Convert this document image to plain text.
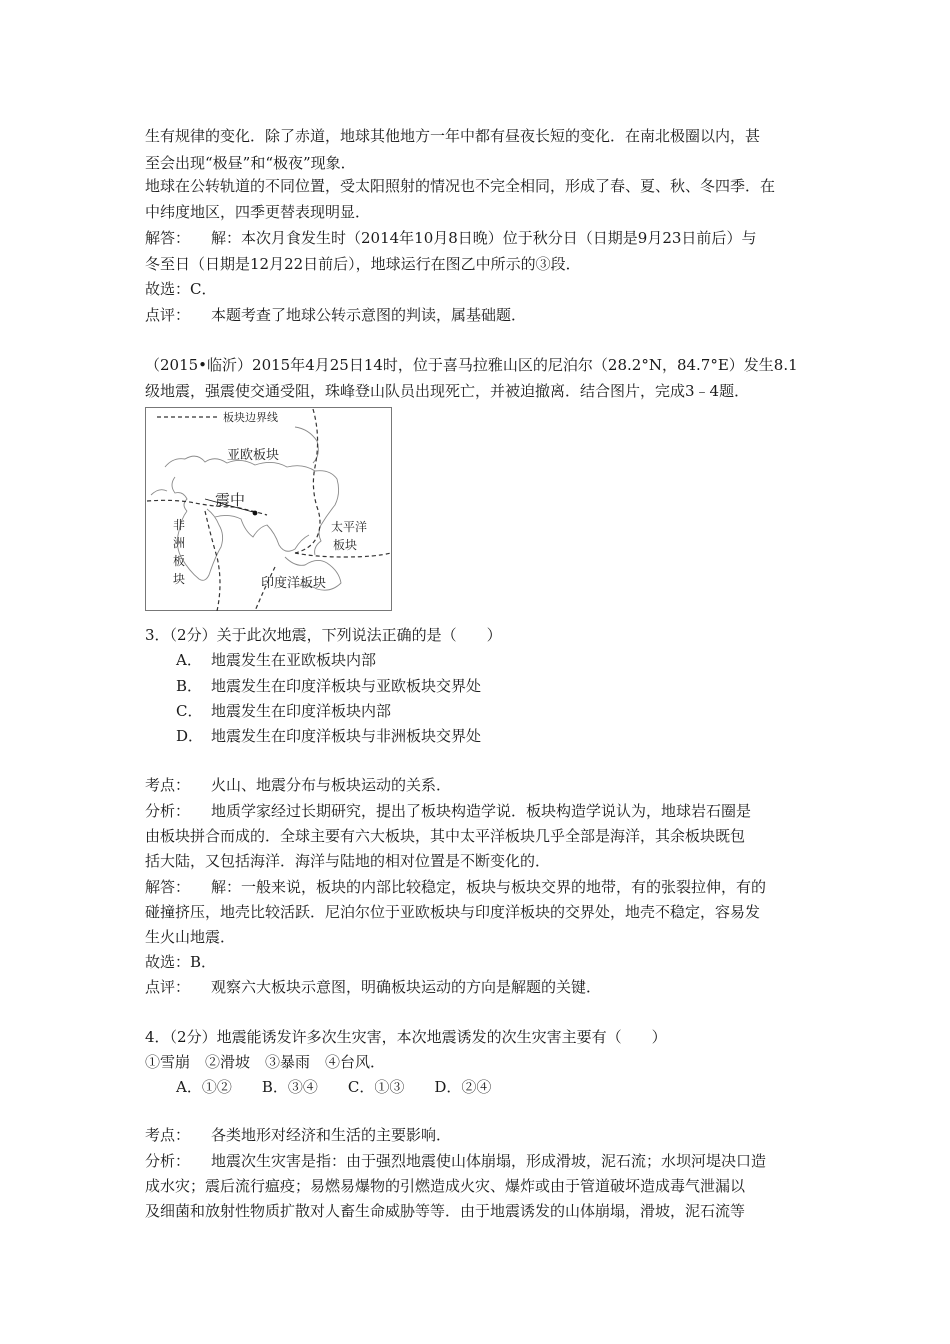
生有规律的变化．除了赤道，地球其他地方一年中都有昼夜长短的变化．在南北极圈以内，甚
至会出现“极昼”和“极夜”现象．
地球在公转轨道的不同位置，受太阳照射的情况也不完全相同，形成了春、夏、秋、冬四季．在
中纬度地区，四季更替表现明显．
解答： 解：本次月食发生时（2014年10月8日晚）位于秋分日（日期是9月23日前后）与
冬至日（日期是12月22日前后），地球运行在图乙中所示的③段．
故选：C．
点评： 本题考查了地球公转示意图的判读，属基础题．
（2015•临沂）2015年4月25日14时，位于喜马拉雅山区的尼泊尔（28.2°N，84.7°E）发生8.1
级地震，强震使交通受阻，珠峰登山队员出现死亡，并被迫撤离．结合图片，完成3﹣4题．
板块边界线
亚欧板块
震中
非
洲
板
块
太平洋
板块
印度洋板块
3．（2分）关于此次地震，下列说法正确的是（　　）
A． 地震发生在亚欧板块内部
B． 地震发生在印度洋板块与亚欧板块交界处
C． 地震发生在印度洋板块内部
D． 地震发生在印度洋板块与非洲板块交界处
考点： 火山、地震分布与板块运动的关系．
分析： 地质学家经过长期研究，提出了板块构造学说．板块构造学说认为，地球岩石圈是
由板块拼合而成的．全球主要有六大板块，其中太平洋板块几乎全部是海洋，其余板块既包
括大陆，又包括海洋．海洋与陆地的相对位置是不断变化的．
解答： 解：一般来说，板块的内部比较稳定，板块与板块交界的地带，有的张裂拉伸，有的
碰撞挤压，地壳比较活跃．尼泊尔位于亚欧板块与印度洋板块的交界处，地壳不稳定，容易发
生火山地震．
故选：B．
点评： 观察六大板块示意图，明确板块运动的方向是解题的关键．
4．（2分）地震能诱发许多次生灾害，本次地震诱发的次生灾害主要有（　　）
①雪崩　②滑坡　③暴雨　④台风．
A．①② B．③④ C．①③ D．②④
考点： 各类地形对经济和生活的主要影响．
分析： 地震次生灾害是指：由于强烈地震使山体崩塌，形成滑坡，泥石流；水坝河堤决口造
成水灾；震后流行瘟疫；易燃易爆物的引燃造成火灾、爆炸或由于管道破坏造成毒气泄漏以
及细菌和放射性物质扩散对人畜生命威胁等等．由于地震诱发的山体崩塌，滑坡，泥石流等
